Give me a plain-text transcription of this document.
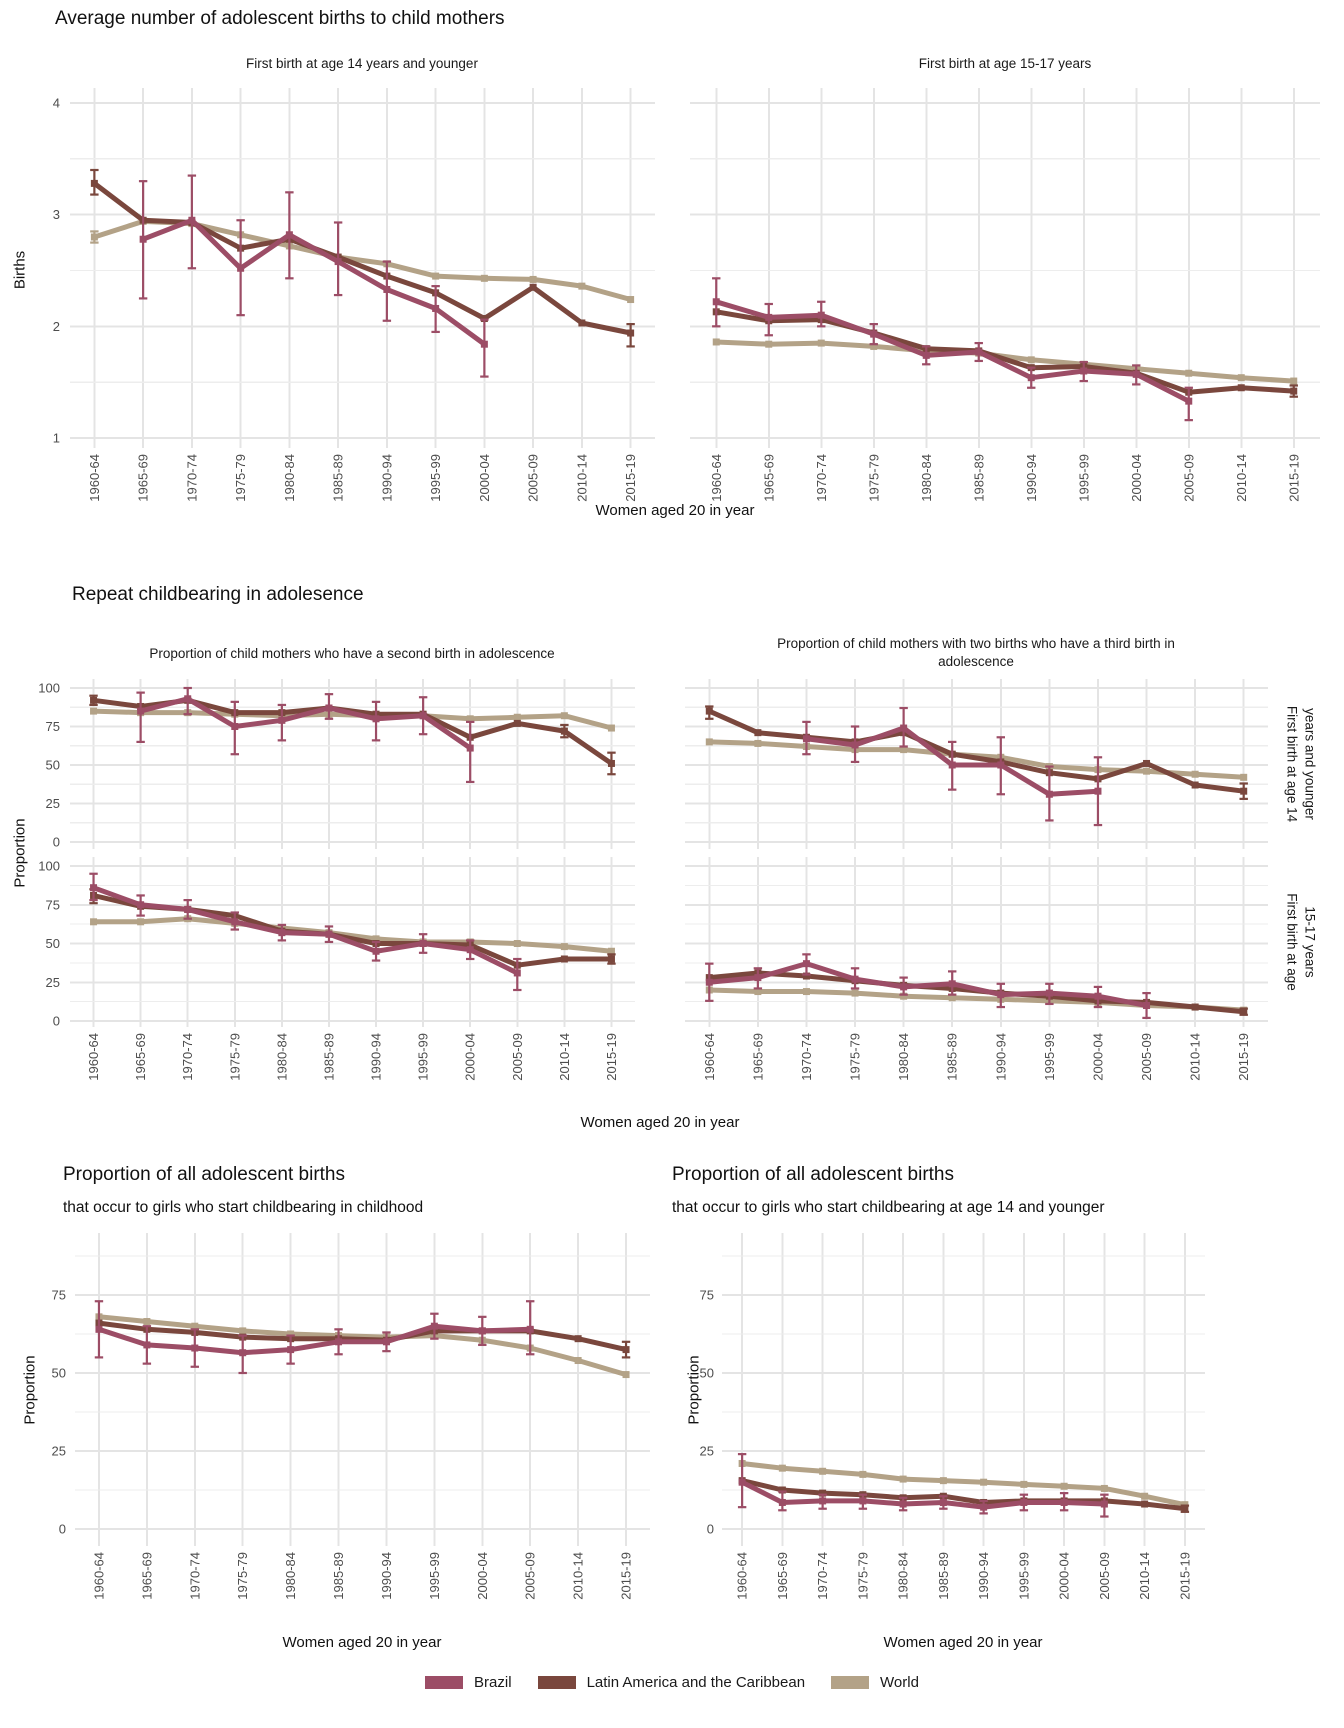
4
3
2
1
1960-64	1965-69	1970-74	1975-79	1980-84	1985-89	1990-94	1995-99	2000-04	2005-09	2010-14	2015-19	1960-64	1965-69	1970-74	1975-79	1980-84	1985-89	1990-94	1995-99	2000-04	2005-09	2010-14	2015-19
100
75
50
25
0
100
75
50
25
0
1960-64 1965-69 1970-74 1975-79 1980-84 1985-89 1990-94 1995-99 2000-04 2005-09 2010-14 2015-19	1960-64	1965-69	1970-74	1975-79	1980-84	1985-89	1990-94	1995-99	2000-04	2005-09	2010-14	2015-19
75
50
25
0
1960-64	1965-69	1970-74	1975-79	1980-84	1985-89	1990-94	1995-99	2000-04	2005-09	2010-14	2015-19
75
50
25
0
1960-64 1965-69 1970-74 1975-79 1980-84 1985-89 1990-94 1995-99 2000-04 2005-09 2010-14 2015-19
First birth at age 14 years and younger
First birth at age 15-17 years
Average number of adolescent births to child mothers
First birth at age 14 years and younger	First birth at age 15-17 years
Births
Women aged 20 in year
Repeat childbearing in adolesence
Proportion of child mothers who have a second birth in adolescence
Proportion of child mothers with two births who have a third birth in
adolescence
Proportion
Women aged 20 in year
Proportion of all adolescent births
that occur to girls who start childbearing in childhood
Proportion of all adolescent births
that occur to girls who start childbearing at age 14 and younger
Proportion	Proportion
Women aged 20 in year	Women aged 20 in year
Brazil	Latin America and the Caribbean	World
